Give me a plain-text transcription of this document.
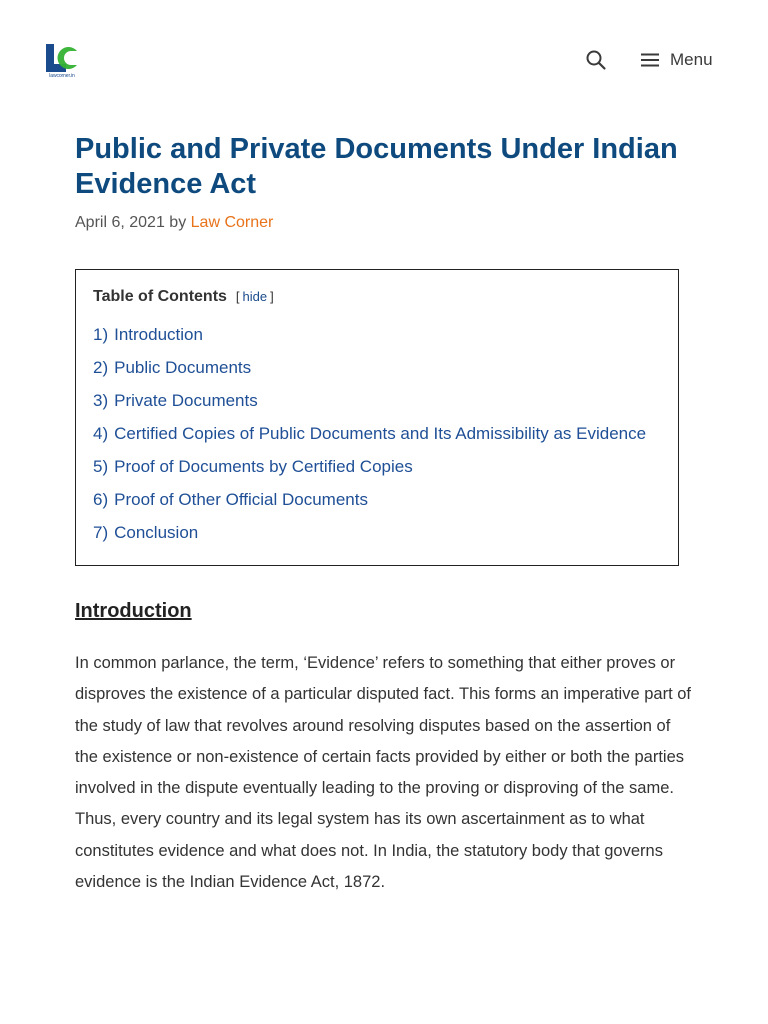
lawcorner.in
Menu
Public and Private Documents Under Indian Evidence Act
April 6, 2021 by Law Corner
Table of Contents [ hide ]
1) Introduction
2) Public Documents
3) Private Documents
4) Certified Copies of Public Documents and Its Admissibility as Evidence
5) Proof of Documents by Certified Copies
6) Proof of Other Official Documents
7) Conclusion
Introduction

In common parlance, the term, ‘Evidence’ refers to something that either proves or disproves the existence of a particular disputed fact. This forms an imperative part of the study of law that revolves around resolving disputes based on the assertion of the existence or non-existence of certain facts provided by either or both the parties involved in the dispute eventually leading to the proving or disproving of the same. Thus, every country and its legal system has its own ascertainment as to what constitutes evidence and what does not. In India, the statutory body that governs evidence is the Indian Evidence Act, 1872.
